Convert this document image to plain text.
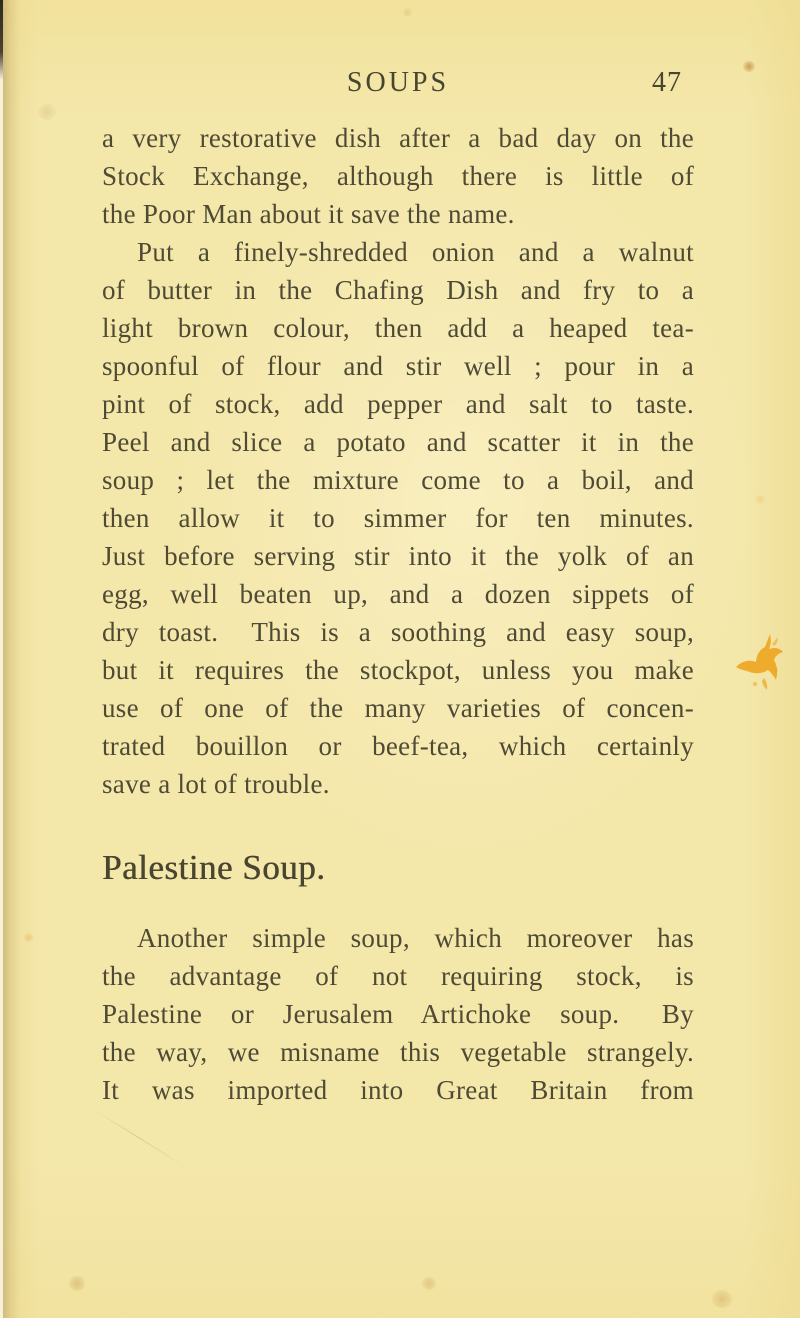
SOUPS	47
a very restorative dish after a bad day on the
Stock Exchange, although there is little of
the Poor Man about it save the name.
Put a finely-shredded onion and a walnut
of butter in the Chafing Dish and fry to a
light brown colour, then add a heaped tea-
spoonful of flour and stir well ; pour in a
pint of stock, add pepper and salt to taste.
Peel and slice a potato and scatter it in the
soup ; let the mixture come to a boil, and
then allow it to simmer for ten minutes.
Just before serving stir into it the yolk of an
egg, well beaten up, and a dozen sippets of
dry toast.  This is a soothing and easy soup,
but it requires the stockpot, unless you make
use of one of the many varieties of concen-
trated bouillon or beef-tea, which certainly
save a lot of trouble.
Palestine Soup.
Another simple soup, which moreover has
the advantage of not requiring stock, is
Palestine or Jerusalem Artichoke soup.  By
the way, we misname this vegetable strangely.
It was imported into Great Britain from
